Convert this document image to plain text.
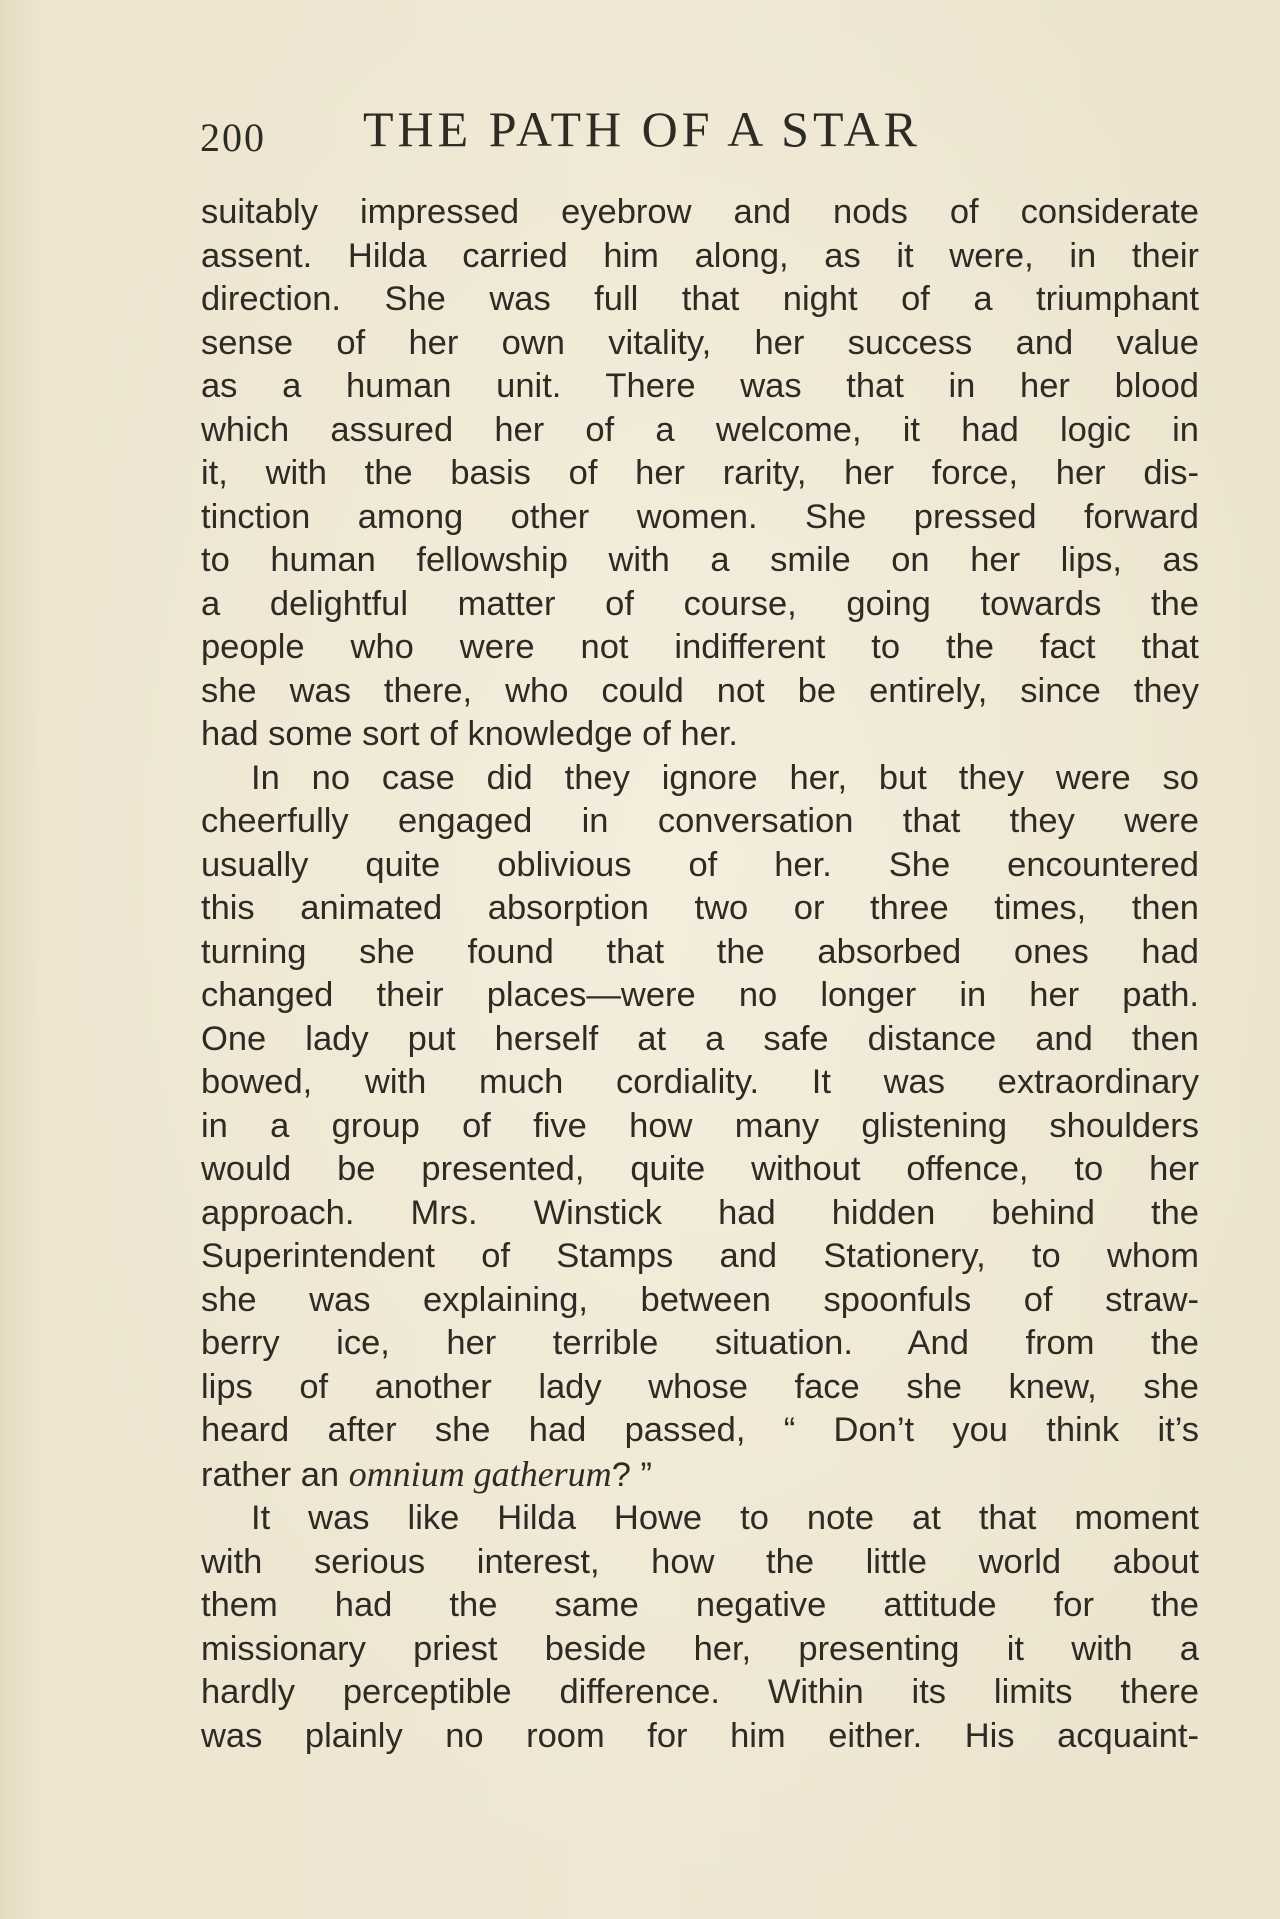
200 THE PATH OF A STAR

suitably impressed eyebrow and nods of considerate

assent. Hilda carried him along, as it were, in their

direction. She was full that night of a triumphant

sense of her own vitality, her success and value

as a human unit. There was that in her blood

which assured her of a welcome, it had logic in

it, with the basis of her rarity, her force, her dis-

tinction among other women. She pressed forward

to human fellowship with a smile on her lips, as

a delightful matter of course, going towards the

people who were not indifferent to the fact that

she was there, who could not be entirely, since they

had some sort of knowledge of her.

In no case did they ignore her, but they were so

cheerfully engaged in conversation that they were

usually quite oblivious of her. She encountered

this animated absorption two or three times, then

turning she found that the absorbed ones had

changed their places—were no longer in her path.

One lady put herself at a safe distance and then

bowed, with much cordiality. It was extraordinary

in a group of five how many glistening shoulders

would be presented, quite without offence, to her

approach. Mrs. Winstick had hidden behind the

Superintendent of Stamps and Stationery, to whom

she was explaining, between spoonfuls of straw-

berry ice, her terrible situation. And from the

lips of another lady whose face she knew, she

heard after she had passed, “ Don’t you think it’s

rather an omnium gatherum? ”

It was like Hilda Howe to note at that moment

with serious interest, how the little world about

them had the same negative attitude for the

missionary priest beside her, presenting it with a

hardly perceptible difference. Within its limits there

was plainly no room for him either. His acquaint-
